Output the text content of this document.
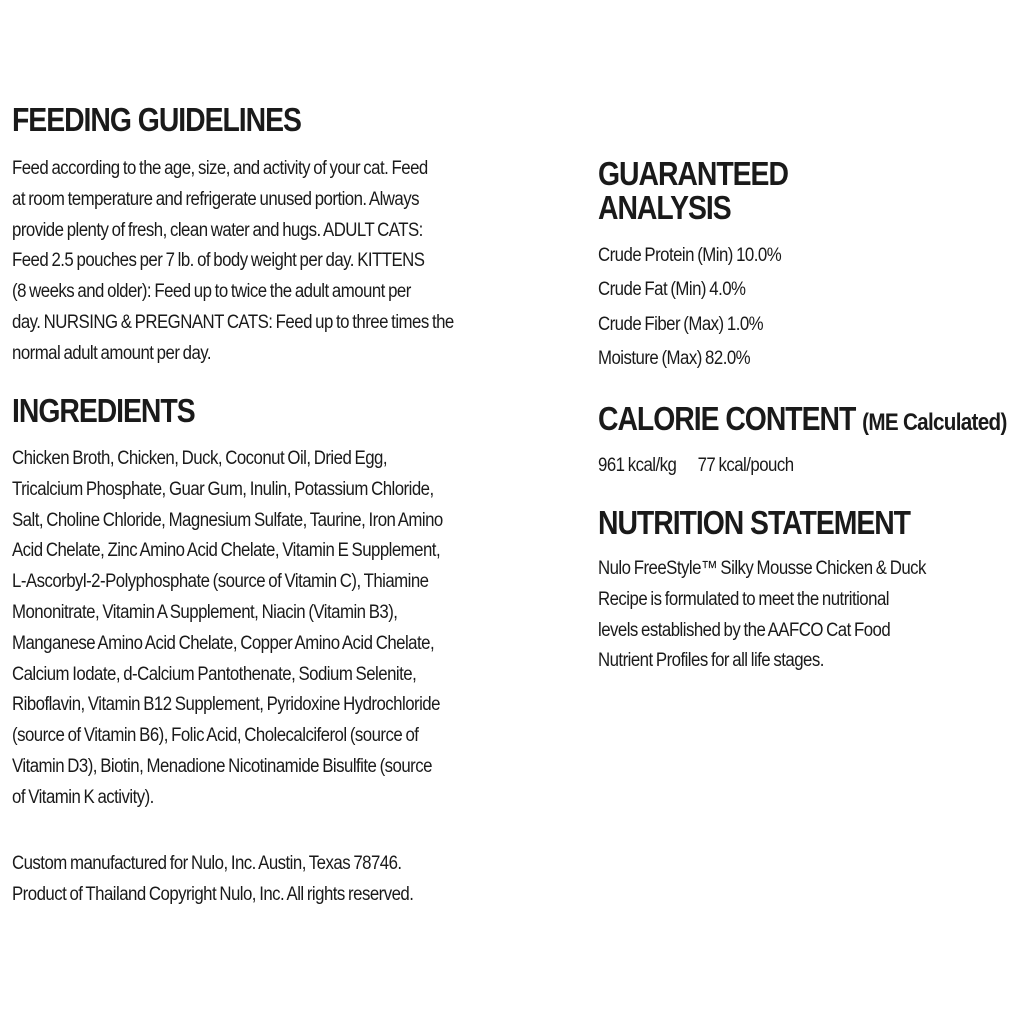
FEEDING GUIDELINES
Feed according to the age, size, and activity of your cat. Feed
at room temperature and refrigerate unused portion. Always
provide plenty of fresh, clean water and hugs. ADULT CATS:
Feed 2.5 pouches per 7 lb. of body weight per day. KITTENS
(8 weeks and older): Feed up to twice the adult amount per
day. NURSING & PREGNANT CATS: Feed up to three times the
normal adult amount per day.
INGREDIENTS
Chicken Broth, Chicken, Duck, Coconut Oil, Dried Egg,
Tricalcium Phosphate, Guar Gum, Inulin, Potassium Chloride,
Salt, Choline Chloride, Magnesium Sulfate, Taurine, Iron Amino
Acid Chelate, Zinc Amino Acid Chelate, Vitamin E Supplement,
L-Ascorbyl-2-Polyphosphate (source of Vitamin C), Thiamine
Mononitrate, Vitamin A Supplement, Niacin (Vitamin B3),
Manganese Amino Acid Chelate, Copper Amino Acid Chelate,
Calcium Iodate, d-Calcium Pantothenate, Sodium Selenite,
Riboflavin, Vitamin B12 Supplement, Pyridoxine Hydrochloride
(source of Vitamin B6), Folic Acid, Cholecalciferol (source of
Vitamin D3), Biotin, Menadione Nicotinamide Bisulfite (source
of Vitamin K activity).
Custom manufactured for Nulo, Inc. Austin, Texas 78746.
Product of Thailand Copyright Nulo, Inc. All rights reserved.
GUARANTEED
ANALYSIS
Crude Protein (Min) 10.0%
Crude Fat (Min) 4.0%
Crude Fiber (Max) 1.0%
Moisture (Max) 82.0%
CALORIE CONTENT (ME Calculated)
961 kcal/kg 77 kcal/pouch
NUTRITION STATEMENT
Nulo FreeStyle™ Silky Mousse Chicken & Duck
Recipe is formulated to meet the nutritional
levels established by the AAFCO Cat Food
Nutrient Profiles for all life stages.
